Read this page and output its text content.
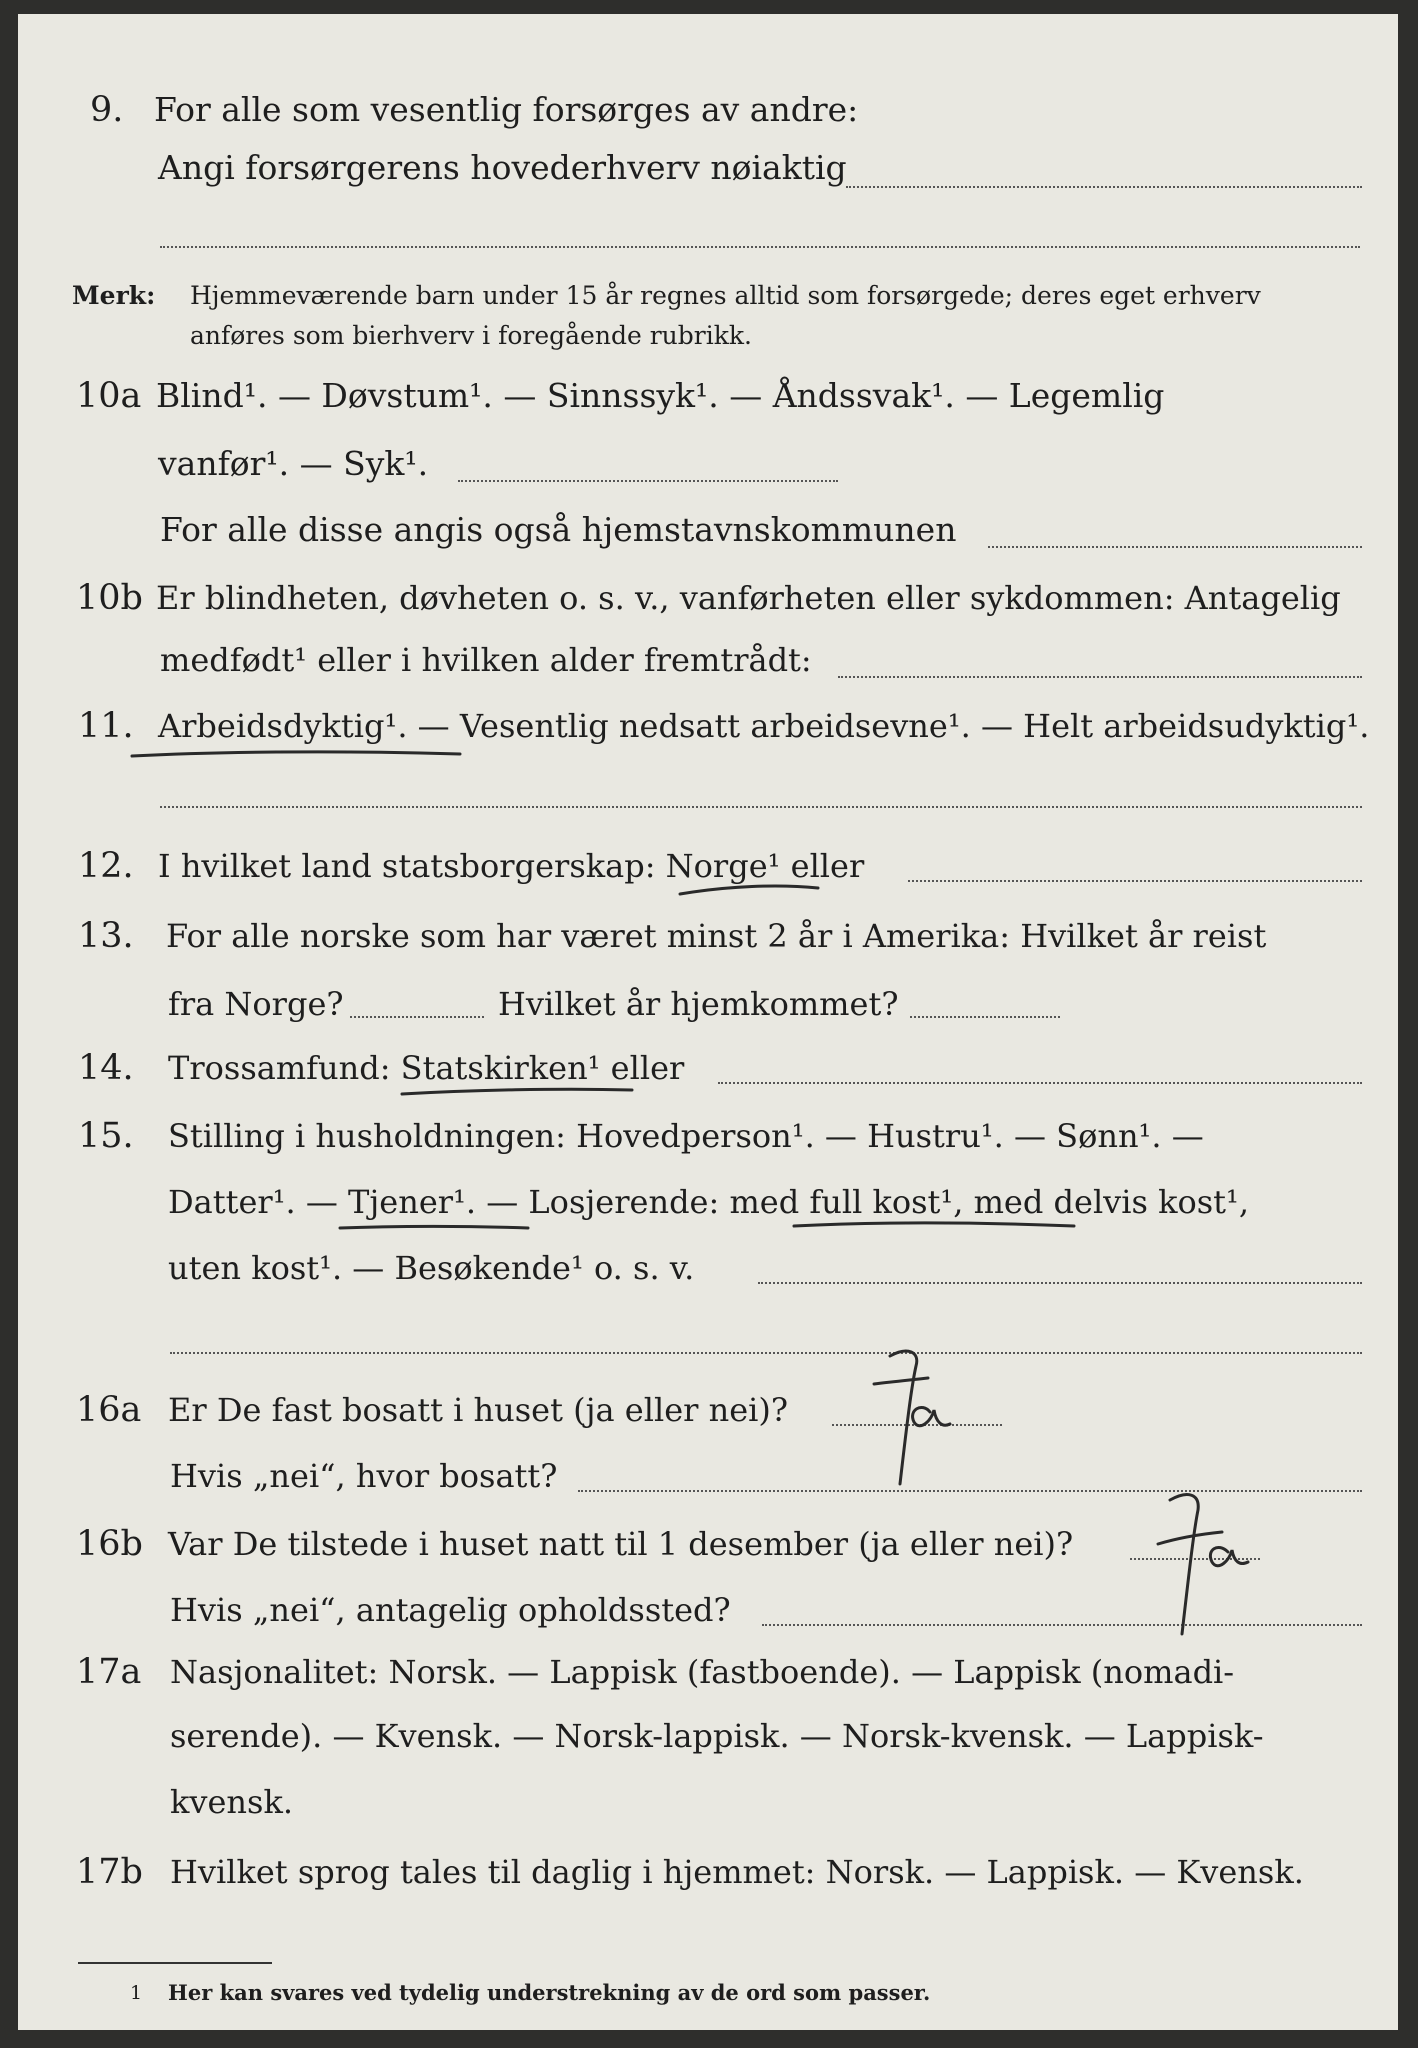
9. For alle som vesentlig forsørges av andre:
Angi forsørgerens hovederhverv nøiaktig
Merk: Hjemmeværende barn under 15 år regnes alltid som forsørgede; deres eget erhverv
anføres som bierhverv i foregående rubrikk.
10a Blind¹. — Døvstum¹. — Sinnssyk¹. — Åndssvak¹. — Legemlig
vanfør¹. — Syk¹.
For alle disse angis også hjemstavnskommunen
10b Er blindheten, døvheten o. s. v., vanførheten eller sykdommen: Antagelig
medfødt¹ eller i hvilken alder fremtrådt:
11. Arbeidsdyktig¹. — Vesentlig nedsatt arbeidsevne¹. — Helt arbeidsudyktig¹.
12. I hvilket land statsborgerskap: Norge¹ eller
13. For alle norske som har været minst 2 år i Amerika: Hvilket år reist
fra Norge?	Hvilket år hjemkommet?
14. Trossamfund: Statskirken¹ eller
15. Stilling i husholdningen: Hovedperson¹. — Hustru¹. — Sønn¹. —
Datter¹. — Tjener¹. — Losjerende: med full kost¹, med delvis kost¹,
uten kost¹. — Besøkende¹ o. s. v.
16a Er De fast bosatt i huset (ja eller nei)?
Hvis „nei“, hvor bosatt?
Ja
16b Var De tilstede i huset natt til 1 desember (ja eller nei)?
Hvis „nei“, antagelig opholdssted?
Ja
17a Nasjonalitet: Norsk. — Lappisk (fastboende). — Lappisk (nomadi-
serende). — Kvensk. — Norsk-lappisk. — Norsk-kvensk. — Lappisk-
kvensk.
17b Hvilket sprog tales til daglig i hjemmet: Norsk. — Lappisk. — Kvensk.
1 Her kan svares ved tydelig understrekning av de ord som passer.
